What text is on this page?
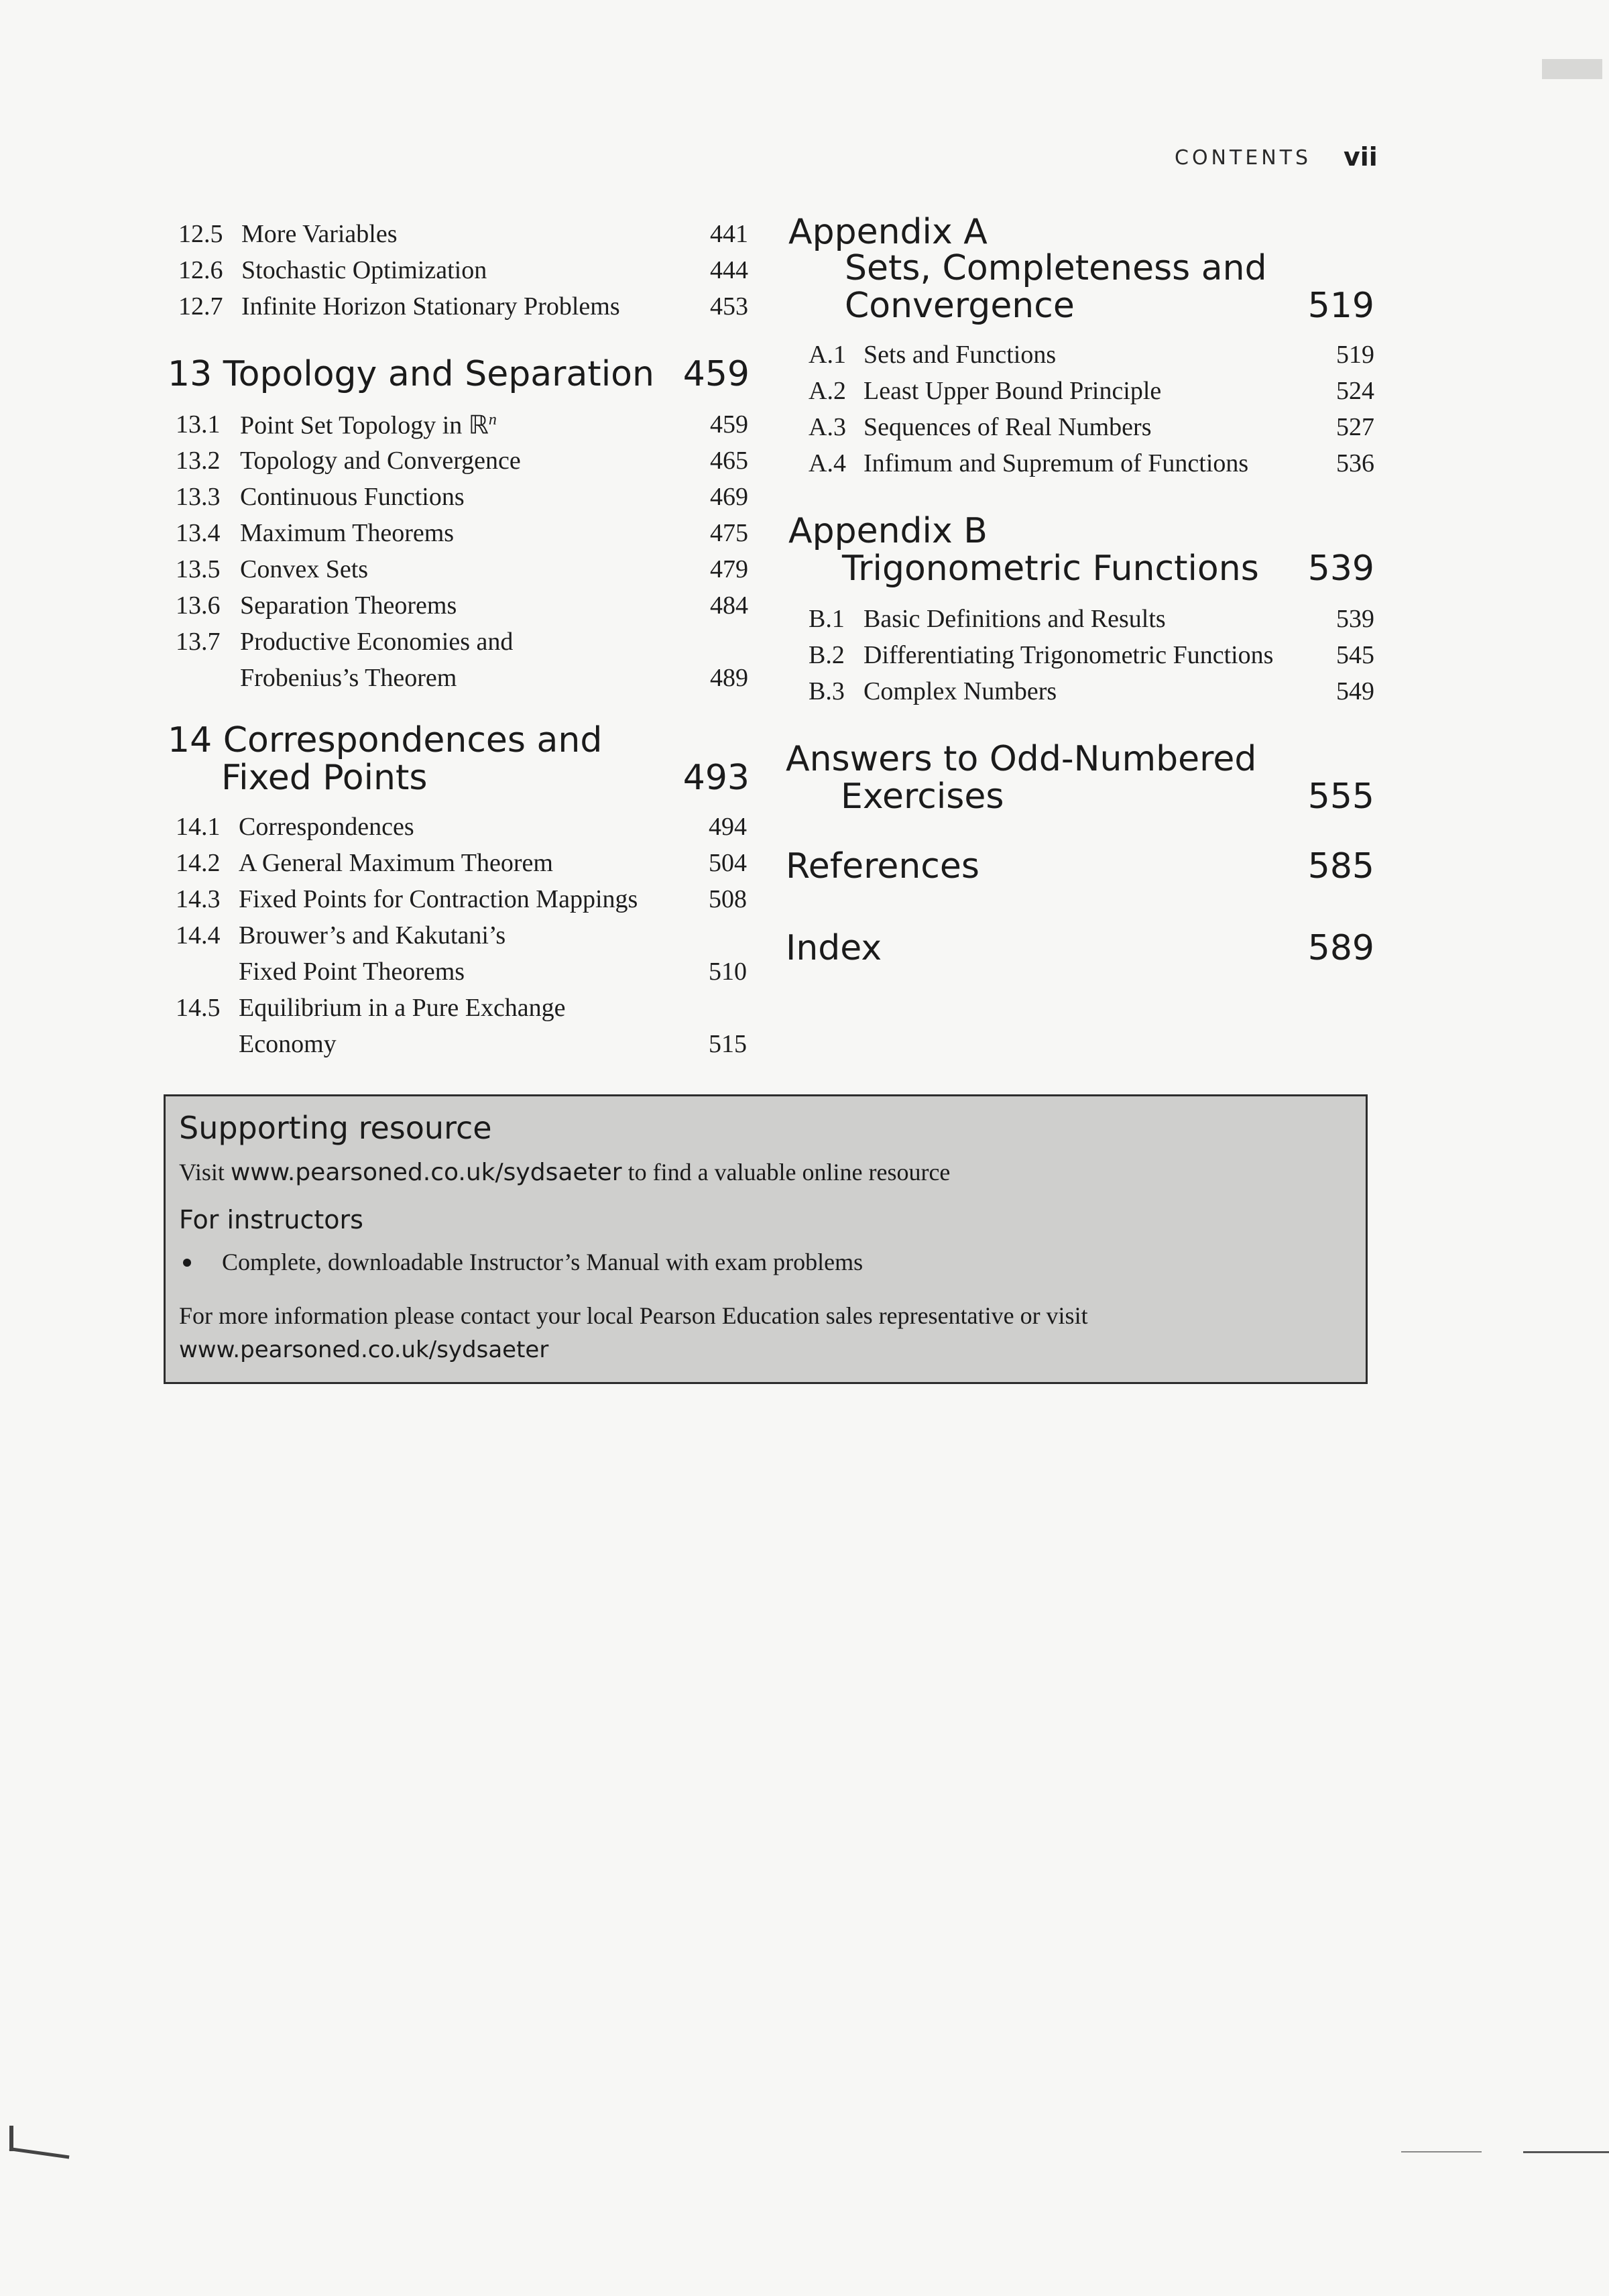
CONTENTS vii
12.5 More Variables	441
12.6 Stochastic Optimization	444
12.7 Infinite Horizon Stationary Problems	453
13 Topology and Separation 459
13.1 Point Set Topology in ℝ$^n$	459
13.2 Topology and Convergence	465
13.3 Continuous Functions	469
13.4 Maximum Theorems	475
13.5 Convex Sets	479
13.6 Separation Theorems	484
13.7 Productive Economies and
Frobenius’s Theorem	489
14 Correspondences and
Fixed Points	493
14.1 Correspondences	494
14.2 A General Maximum Theorem	504
14.3 Fixed Points for Contraction Mappings	508
14.4 Brouwer’s and Kakutani’s
Fixed Point Theorems	510
14.5 Equilibrium in a Pure Exchange
Economy	515
Appendix A
Sets, Completeness and
Convergence	519
A.1 Sets and Functions	519
A.2 Least Upper Bound Principle	524
A.3 Sequences of Real Numbers	527
A.4 Infimum and Supremum of Functions	536
Appendix B
Trigonometric Functions	539
B.1 Basic Definitions and Results	539
B.2 Differentiating Trigonometric Functions	545
B.3 Complex Numbers	549
Answers to Odd-Numbered
Exercises	555
References	585
Index	589
Supporting resource
Visit www.pearsoned.co.uk/sydsaeter to find a valuable online resource
For instructors
Complete, downloadable Instructor’s Manual with exam problems
For more information please contact your local Pearson Education sales representative or visit
www.pearsoned.co.uk/sydsaeter
